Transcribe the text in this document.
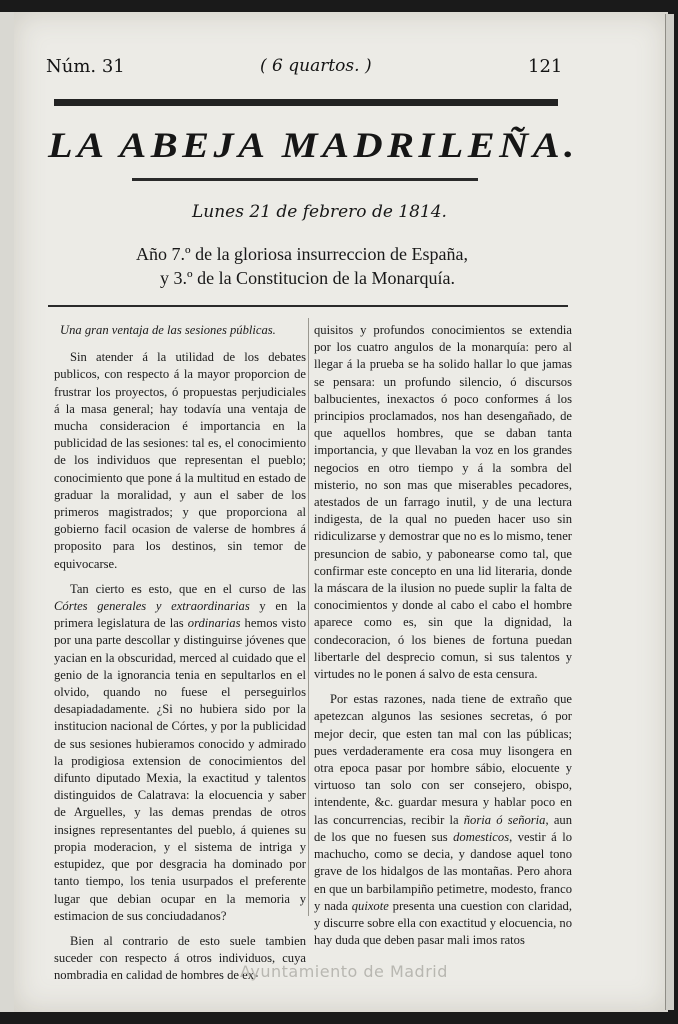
Núm. 31	( 6 quartos. )	121
LA ABEJA MADRILEÑA.
Lunes 21 de febrero de 1814.
Año 7.º de la gloriosa insurreccion de España,
y 3.º de la Constitucion de la Monarquía.

Una gran ventaja de las sesiones públicas.

Sin atender á la utilidad de los debates publicos, con respecto á la mayor proporcion de frustrar los proyectos, ó propuestas perjudiciales á la masa general; hay todavía una ventaja de mucha consideracion é importancia en la publicidad de las sesiones: tal es, el conocimiento de los individuos que representan el pueblo; conocimiento que pone á la multitud en estado de graduar la moralidad, y aun el saber de los primeros magistrados; y que proporciona al gobierno facil ocasion de valerse de hombres á proposito para los destinos, sin temor de equivocarse.

Tan cierto es esto, que en el curso de las Córtes generales y extraordinarias y en la primera legislatura de las ordinarias hemos visto por una parte descollar y distinguirse jóvenes que yacian en la obscuridad, merced al cuidado que el genio de la ignorancia tenia en sepultarlos en el olvido, quando no fuese el perseguirlos desapiadadamente. ¿Si no hubiera sido por la institucion nacional de Córtes, y por la publicidad de sus sesiones hubieramos conocido y admirado la prodigiosa extension de conocimientos del difunto diputado Mexia, la exactitud y talentos distinguidos de Calatrava: la elocuencia y saber de Arguelles, y las demas prendas de otros insignes representantes del pueblo, á quienes su propia moderacion, y el sistema de intriga y estupidez, que por desgracia ha dominado por tanto tiempo, los tenia usurpados el preferente lugar que debian ocupar en la memoria y estimacion de sus conciudadanos?

Bien al contrario de esto suele tambien suceder con respecto á otros individuos, cuya nombradia en calidad de hombres de ex-

quisitos y profundos conocimientos se extendia por los cuatro angulos de la monarquía: pero al llegar á la prueba se ha solido hallar lo que jamas se pensara: un profundo silencio, ó discursos balbucientes, inexactos ó poco conformes á los principios proclamados, nos han desengañado, de que aquellos hombres, que se daban tanta importancia, y que llevaban la voz en los grandes negocios en otro tiempo y á la sombra del misterio, no son mas que miserables pecadores, atestados de un farrago inutil, y de una lectura indigesta, de la qual no pueden hacer uso sin ridiculizarse y demostrar que no es lo mismo, tener presuncion de sabio, y pabonearse como tal, que confirmar este concepto en una lid literaria, donde la máscara de la ilusion no puede suplir la falta de conocimientos y donde al cabo el cabo el hombre aparece como es, sin que la dignidad, la condecoracion, ó los bienes de fortuna puedan libertarle del desprecio comun, si sus talentos y virtudes no le ponen á salvo de esta censura.

Por estas razones, nada tiene de extraño que apetezcan algunos las sesiones secretas, ó por mejor decir, que esten tan mal con las públicas; pues verdaderamente era cosa muy lisongera en otra epoca pasar por hombre sábio, elocuente y virtuoso tan solo con ser consejero, obispo, intendente, &c. guardar mesura y hablar poco en las concurrencias, recibir la ñoria ó señoria, aun de los que no fuesen sus domesticos, vestir á lo machucho, como se decia, y dandose aquel tono grave de los hidalgos de las montañas. Pero ahora en que un barbilampiño petimetre, modesto, franco y nada quixote presenta una cuestion con claridad, y discurre sobre ella con exactitud y elocuencia, no hay duda que deben pasar mali imos ratos

Ayuntamiento de Madrid
